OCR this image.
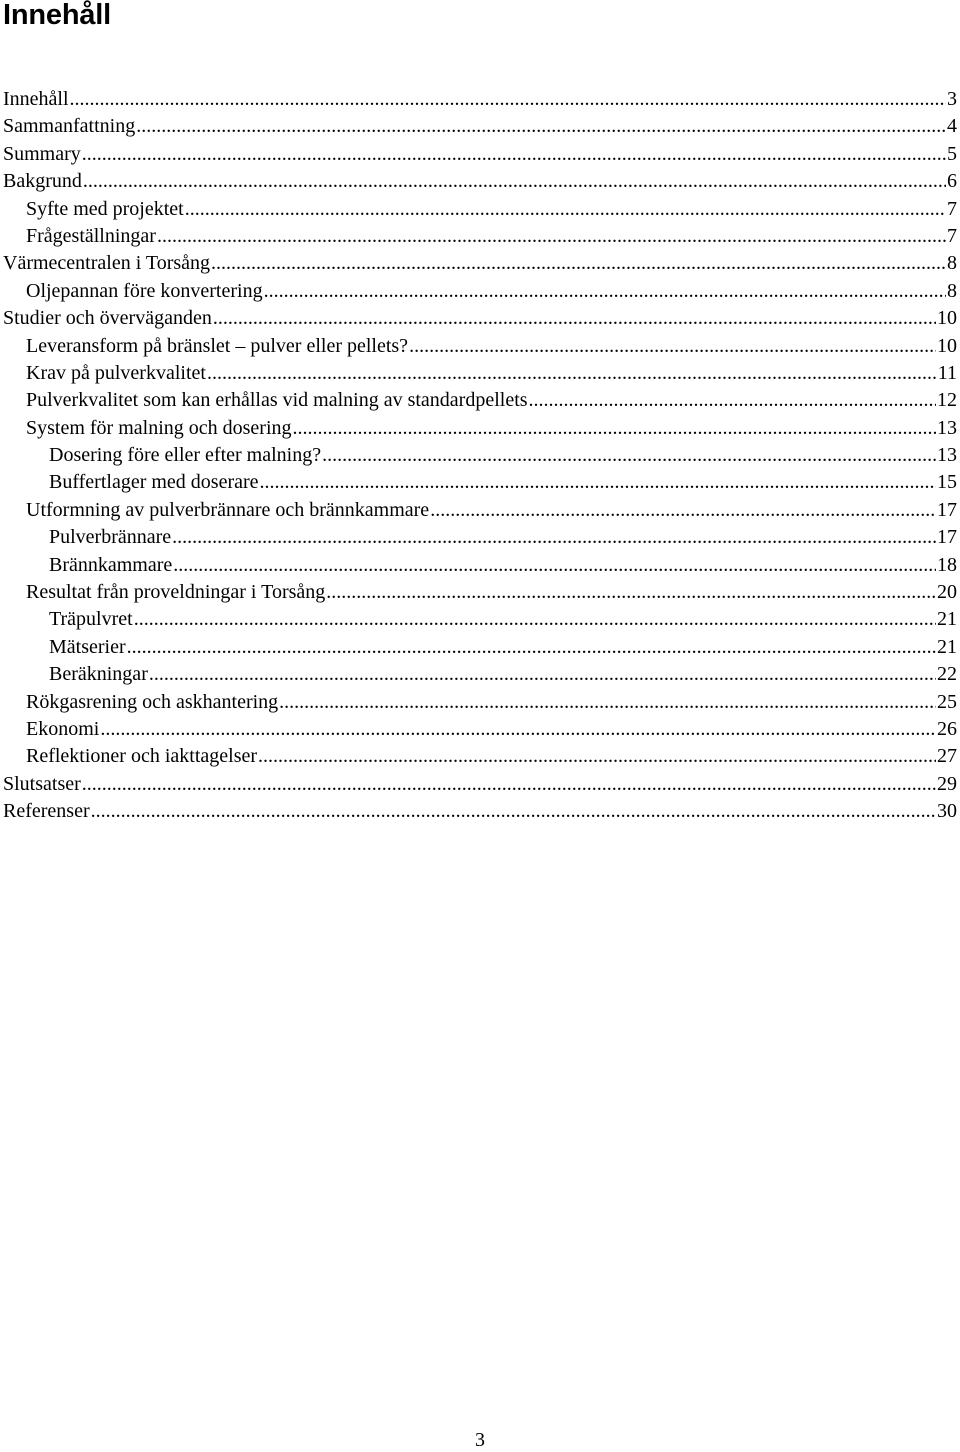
Innehåll
Innehåll .....	3
Sammanfattning .....	4
Summary .....	5
Bakgrund .....	6
Syfte med projektet .....	7
Frågeställningar .....	7
Värmecentralen i Torsång .....	8
Oljepannan före konvertering .....	8
Studier och överväganden .....	10
Leveransform på bränslet – pulver eller pellets? .....	10
Krav på pulverkvalitet .....	11
Pulverkvalitet som kan erhållas vid malning av standardpellets .....	12
System för malning och dosering .....	13
Dosering före eller efter malning? .....	13
Buffertlager med doserare .....	15
Utformning av pulverbrännare och brännkammare .....	17
Pulverbrännare .....	17
Brännkammare .....	18
Resultat från proveldningar i Torsång .....	20
Träpulvret .....	21
Mätserier .....	21
Beräkningar .....	22
Rökgasrening och askhantering .....	25
Ekonomi .....	26
Reflektioner och iakttagelser .....	27
Slutsatser .....	29
Referenser .....	30
3
